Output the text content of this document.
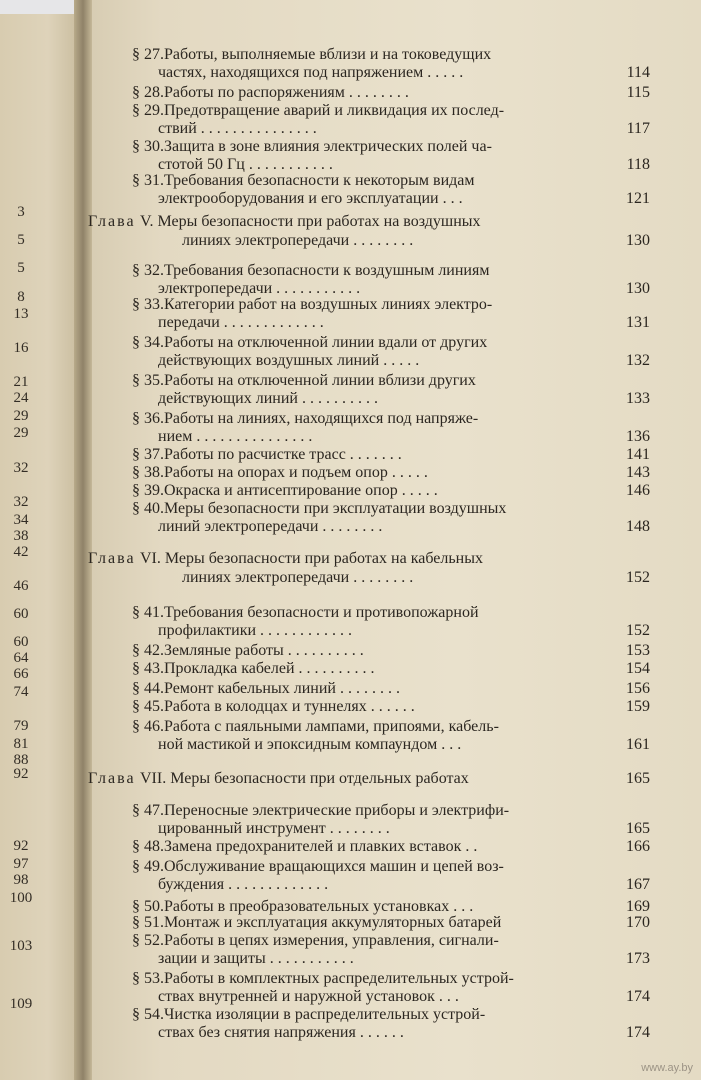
§ 27. Работы, выполняемые вблизи и на токоведущих
частях, находящихся под напряжением . . . . .	114
§ 28. Работы по распоряжениям . . . . . . . .	115
§ 29. Предотвращение аварий и ликвидация их послед-
ствий . . . . . . . . . . . . . . .	117
§ 30. Защита в зоне влияния электрических полей ча-
стотой 50 Гц . . . . . . . . . . .	118
§ 31. Требования безопасности к некоторым видам
электрооборудования и его эксплуатации . . .	121
Глава V. Меры безопасности при работах на воздушных
линиях электропередачи . . . . . . . .	130
§ 32. Требования безопасности к воздушным линиям
электропередачи . . . . . . . . . . .	130
§ 33. Категории работ на воздушных линиях электро-
передачи . . . . . . . . . . . . .	131
§ 34. Работы на отключенной линии вдали от других
действующих воздушных линий . . . . .	132
§ 35. Работы на отключенной линии вблизи других
действующих линий . . . . . . . . . .	133
§ 36. Работы на линиях, находящихся под напряже-
нием . . . . . . . . . . . . . . .	136
§ 37. Работы по расчистке трасс . . . . . . .	141
§ 38. Работы на опорах и подъем опор . . . . .	143
§ 39. Окраска и антисептирование опор . . . . .	146
§ 40. Меры безопасности при эксплуатации воздушных
линий электропередачи . . . . . . . .	148
Глава VI. Меры безопасности при работах на кабельных
линиях электропередачи . . . . . . . .	152
§ 41. Требования безопасности и противопожарной
профилактики . . . . . . . . . . . .	152
§ 42. Земляные работы . . . . . . . . . .	153
§ 43. Прокладка кабелей . . . . . . . . . .	154
§ 44. Ремонт кабельных линий . . . . . . . .	156
§ 45. Работа в колодцах и туннелях . . . . . .	159
§ 46. Работа с паяльными лампами, припоями, кабель-
ной мастикой и эпоксидным компаундом . . .	161
Глава VII. Меры безопасности при отдельных работах	165
§ 47. Переносные электрические приборы и электрифи-
цированный инструмент . . . . . . . .	165
§ 48. Замена предохранителей и плавких вставок . .	166
§ 49. Обслуживание вращающихся машин и цепей воз-
буждения . . . . . . . . . . . . .	167
§ 50. Работы в преобразовательных установках . . .	169
§ 51. Монтаж и эксплуатация аккумуляторных батарей	170
§ 52. Работы в цепях измерения, управления, сигнали-
зации и защиты . . . . . . . . . . .	173
§ 53. Работы в комплектных распределительных устрой-
ствах внутренней и наружной установок . . .	174
§ 54. Чистка изоляции в распределительных устрой-
ствах без снятия напряжения . . . . . .	174
www.ay.by
3
5
5
8
13
16
21
24
29
29
32
32
34
38
42
46
60
60
64
66
74
79
81
88
92
92
97
98
100
103
109
